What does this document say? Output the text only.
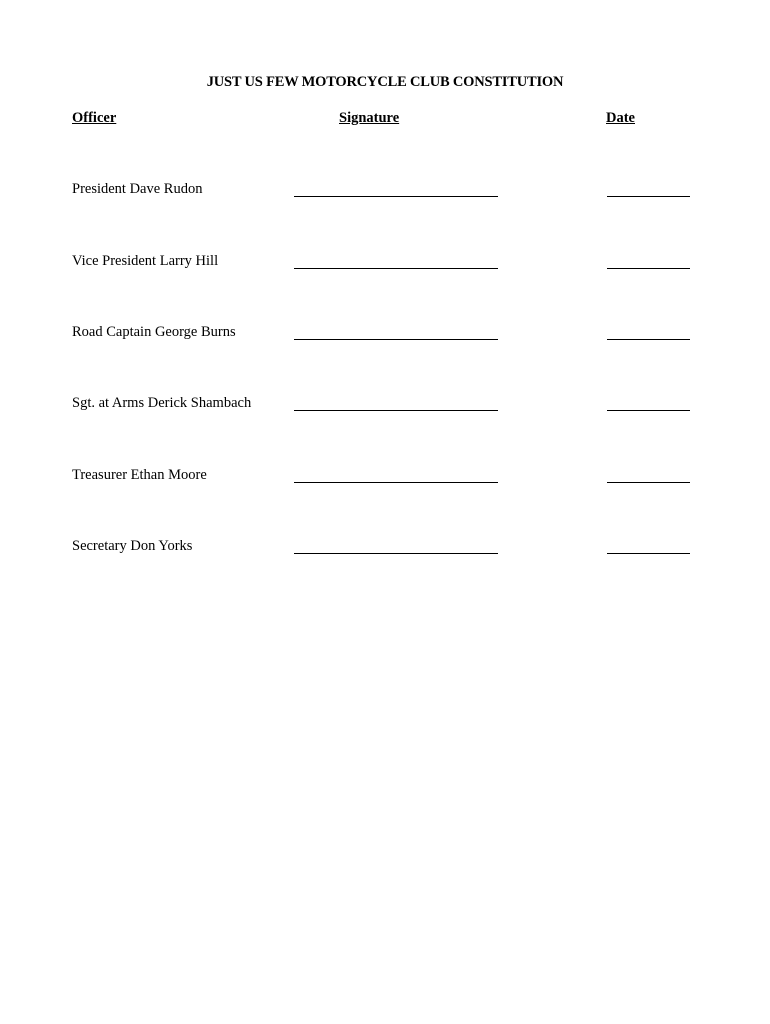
JUST US FEW MOTORCYCLE CLUB CONSTITUTION
Officer	Signature	Date
President Dave Rudon
Vice President Larry Hill
Road Captain George Burns
Sgt. at Arms Derick Shambach
Treasurer Ethan Moore
Secretary Don Yorks
